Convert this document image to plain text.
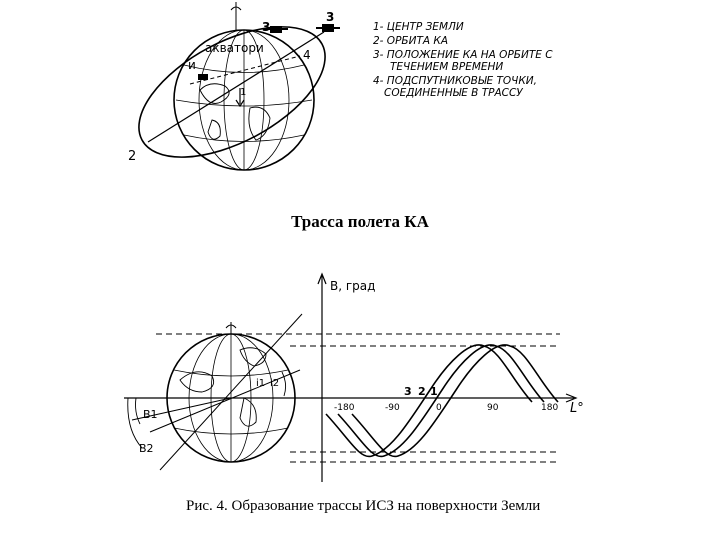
1
2
3
3
4
акватори
и
1- ЦЕНТР ЗЕМЛИ
2- ОРБИТА КА
3- ПОЛОЖЕНИЕ КА НА ОРБИТЕ С
ТЕЧЕНИЕМ ВРЕМЕНИ
4- ПОДСПУТНИКОВЫЕ ТОЧКИ,
СОЕДИНЕННЫЕ В ТРАССУ
B1
B2
i1 i2
B, град
L°
-180	-90	0	90	180
3 2 1
Трасса полета КА
Рис. 4. Образование трассы ИСЗ на поверхности Земли
